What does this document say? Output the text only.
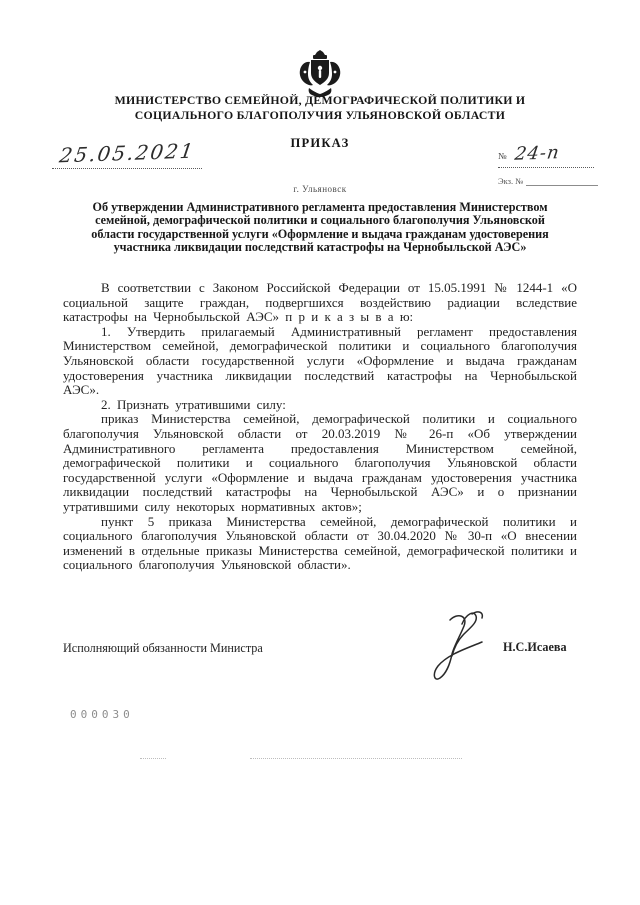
МИНИСТЕРСТВО СЕМЕЙНОЙ, ДЕМОГРАФИЧЕСКОЙ ПОЛИТИКИ И
СОЦИАЛЬНОГО БЛАГОПОЛУЧИЯ УЛЬЯНОВСКОЙ ОБЛАСТИ
ПРИКАЗ
25.05.2021	№ 24-п
Экз. №
г. Ульяновск
Об утверждении Административного регламента предоставления Министерством семейной, демографической политики и социального благополучия Ульяновской области государственной услуги «Оформление и выдача гражданам удостоверения участника ликвидации последствий катастрофы на Чернобыльской АЭС»

В соответствии с Законом Российской Федерации от 15.05.1991 № 1244-1 «О социальной защите граждан, подвергшихся воздействию радиации вследствие катастрофы на Чернобыльской АЭС» п р и к а з ы в а ю:

1. Утвердить прилагаемый Административный регламент предоставления Министерством семейной, демографической политики и социального благополучия Ульяновской области государственной услуги «Оформление и выдача гражданам удостоверения участника ликвидации последствий катастрофы на Чернобыльской АЭС».

2. Признать утратившими силу:

приказ Министерства семейной, демографической политики и социального благополучия Ульяновской области от 20.03.2019 № 26-п «Об утверждении Административного регламента предоставления Министерством семейной, демографической политики и социального благополучия Ульяновской области государственной услуги «Оформление и выдача гражданам удостоверения участника ликвидации последствий катастрофы на Чернобыльской АЭС» и о признании утратившими силу некоторых нормативных актов»;

пункт 5 приказа Министерства семейной, демографической политики и социального благополучия Ульяновской области от 30.04.2020 № 30-п «О внесении изменений в отдельные приказы Министерства семейной, демографической политики и социального благополучия Ульяновской области».

Исполняющий обязанности Министра	Н.С.Исаева
000030
